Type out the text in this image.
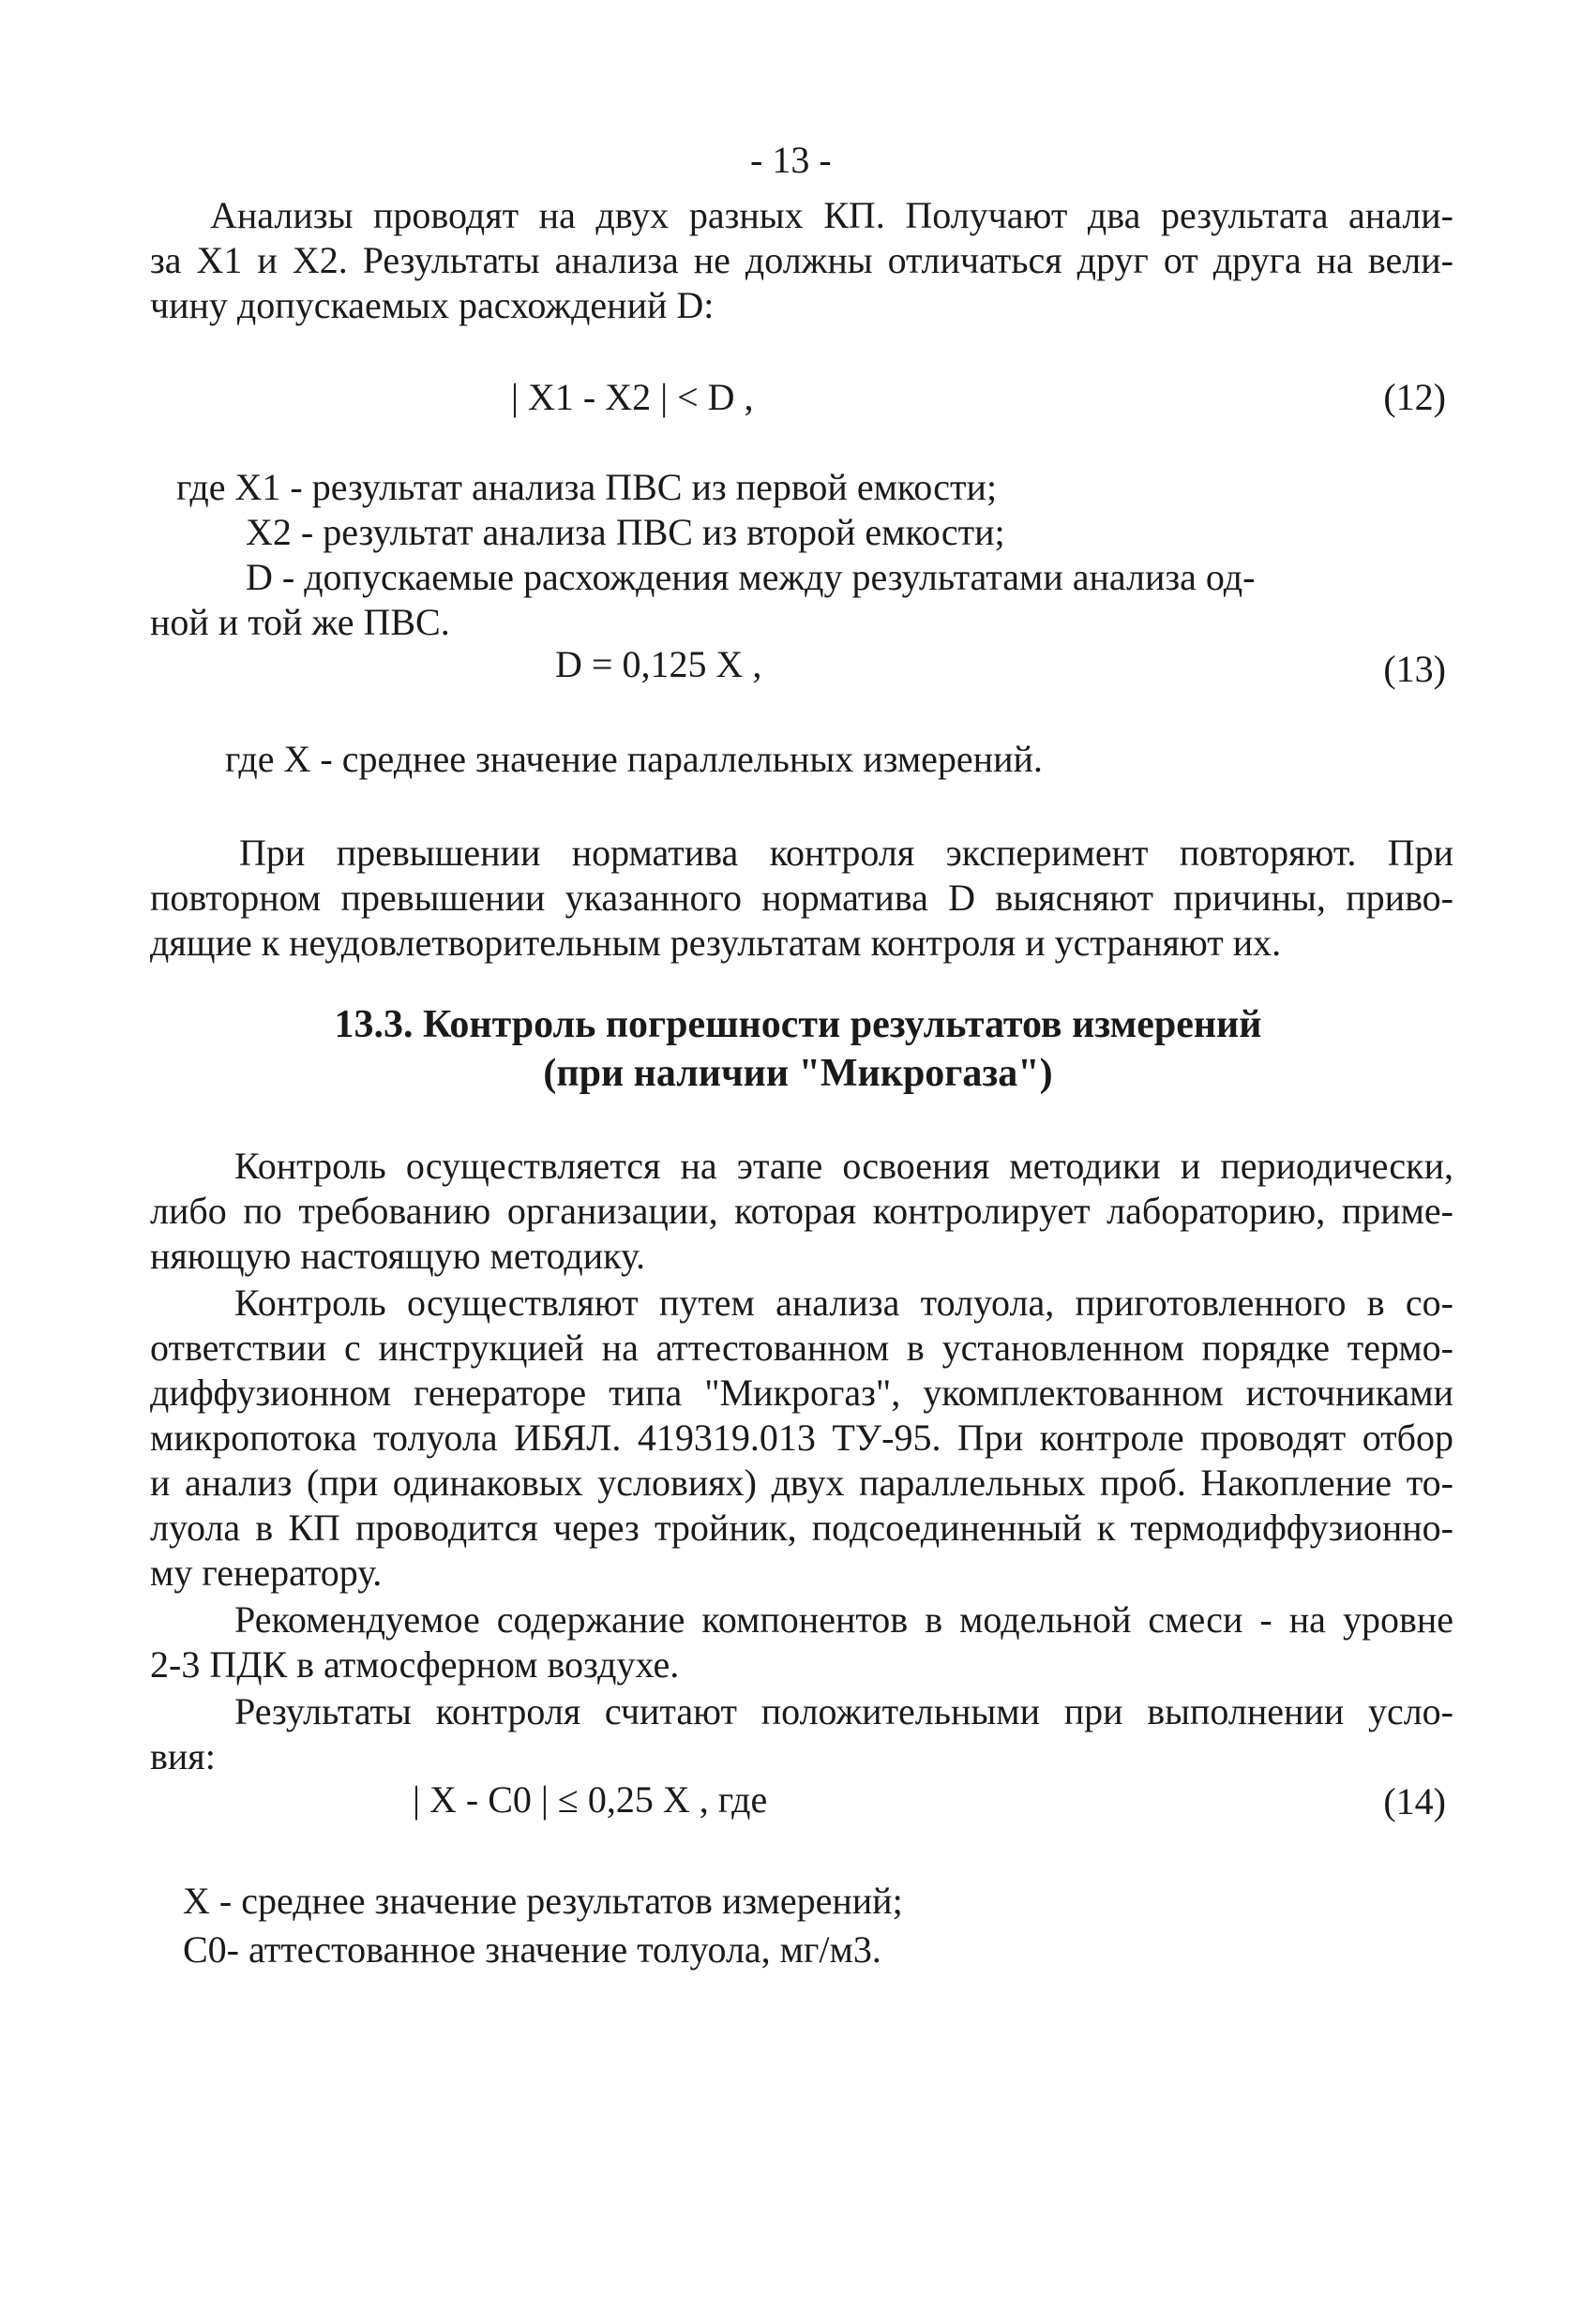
- 13 -
Анализы проводят на двух разных КП. Получают два результата анали-
за X1 и X2. Результаты анализа не должны отличаться друг от друга на вели-
чину допускаемых расхождений D:
| X1 - X2 | < D ,	(12)
где X1 - результат анализа ПВС из первой емкости;
X2 - результат анализа ПВС из второй емкости;
D - допускаемые расхождения между результатами анализа од-
ной и той же ПВС.
D = 0,125 X ,	(13)
где X - среднее значение параллельных измерений.
При превышении норматива контроля эксперимент повторяют. При
повторном превышении указанного норматива D выясняют причины, приво-
дящие к неудовлетворительным результатам контроля и устраняют их.
13.3. Контроль погрешности результатов измерений
(при наличии "Микрогаза")
Контроль осуществляется на этапе освоения методики и периодически,
либо по требованию организации, которая контролирует лабораторию, приме-
няющую настоящую методику.
Контроль осуществляют путем анализа толуола, приготовленного в со-
ответствии с инструкцией на аттестованном в установленном порядке термо-
диффузионном генераторе типа "Микрогаз", укомплектованном источниками
микропотока толуола ИБЯЛ. 419319.013 ТУ-95. При контроле проводят отбор
и анализ (при одинаковых условиях) двух параллельных проб. Накопление то-
луола в КП проводится через тройник, подсоединенный к термодиффузионно-
му генератору.
Рекомендуемое содержание компонентов в модельной смеси - на уровне
2-3 ПДК в атмосферном воздухе.
Результаты контроля считают положительными при выполнении усло-
вия:
| X - C0 | ≤ 0,25 X , где	(14)
X - среднее значение результатов измерений;
C0- аттестованное значение толуола, мг/м3.
